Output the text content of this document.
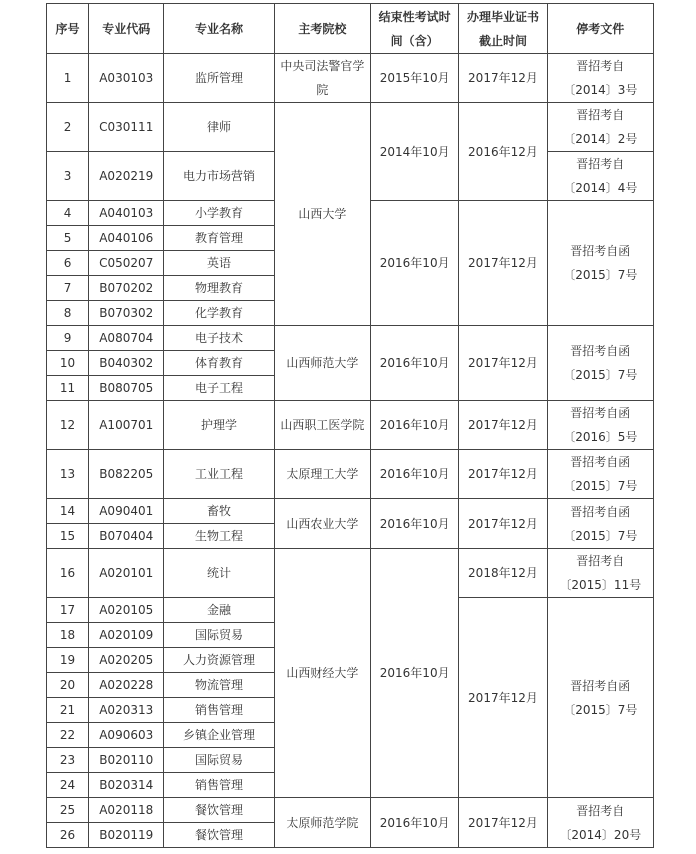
序号	专业代码	专业名称	主考院校	结束性考试时间（含）	办理毕业证书截止时间	停考文件
1	A030103	监所管理	中央司法警官学院	2015年10月	2017年12月	晋招考自
〔2014〕3号

2	C030111	律师	山西大学	2014年10月	2016年12月	晋招考自
〔2014〕2号

3	A020219	电力市场营销				晋招考自
〔2014〕4号

4	A040103	小学教育		2016年10月	2017年12月	晋招考自函
〔2015〕7号

5	A040106	教育管理				
6	C050207	英语				
7	B070202	物理教育				
8	B070302	化学教育				
9	A080704	电子技术	山西师范大学	2016年10月	2017年12月	晋招考自函
〔2015〕7号

10	B040302	体育教育				
11	B080705	电子工程				
12	A100701	护理学	山西职工医学院	2016年10月	2017年12月	晋招考自函
〔2016〕5号

13	B082205	工业工程	太原理工大学	2016年10月	2017年12月	晋招考自函
〔2015〕7号

14	A090401	畜牧	山西农业大学	2016年10月	2017年12月	晋招考自函
〔2015〕7号

15	B070404	生物工程				
16	A020101	统计	山西财经大学	2016年10月	2018年12月	晋招考自
〔2015〕11号

17	A020105	金融			2017年12月	晋招考自函
〔2015〕7号

18	A020109	国际贸易				
19	A020205	人力资源管理				
20	A020228	物流管理				
21	A020313	销售管理				
22	A090603	乡镇企业管理				
23	B020110	国际贸易				
24	B020314	销售管理				
25	A020118	餐饮管理	太原师范学院	2016年10月	2017年12月	晋招考自
〔2014〕20号

26	B020119	餐饮管理				
